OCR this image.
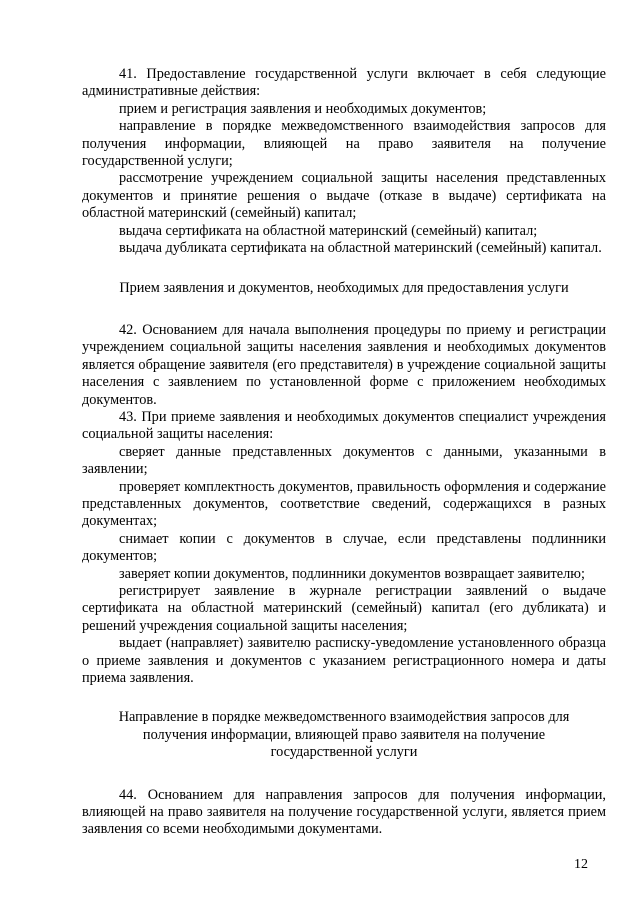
41. Предоставление государственной услуги включает в себя следующие административные действия:

прием и регистрация заявления и необходимых документов;

направление в порядке межведомственного взаимодействия запросов для получения информации, влияющей на право заявителя на получение государственной услуги;

рассмотрение учреждением социальной защиты населения представленных документов и принятие решения о выдаче (отказе в выдаче) сертификата на областной материнский (семейный) капитал;

выдача сертификата на областной материнский (семейный) капитал;

выдача дубликата сертификата на областной материнский (семейный) капитал.

Прием заявления и документов, необходимых для предоставления услуги

42. Основанием для начала выполнения процедуры по приему и регистрации учреждением социальной защиты населения заявления и необходимых документов является обращение заявителя (его представителя) в учреждение социальной защиты населения с заявлением по установленной форме с приложением необходимых документов.

43. При приеме заявления и необходимых документов специалист учреждения социальной защиты населения:

сверяет данные представленных документов с данными, указанными в заявлении;

проверяет комплектность документов, правильность оформления и содержание представленных документов, соответствие сведений, содержащихся в разных документах;

снимает копии с документов в случае, если представлены подлинники документов;

заверяет копии документов, подлинники документов возвращает заявителю;

регистрирует заявление в журнале регистрации заявлений о выдаче сертификата на областной материнский (семейный) капитал (его дубликата) и решений учреждения социальной защиты населения;

выдает (направляет) заявителю расписку-уведомление установленного образца о приеме заявления и документов с указанием регистрационного номера и даты приема заявления.

Направление в порядке межведомственного взаимодействия запросов для
получения информации, влияющей право заявителя на получение
государственной услуги

44. Основанием для направления запросов для получения информации, влияющей на право заявителя на получение государственной услуги, является прием заявления со всеми необходимыми документами.

12
